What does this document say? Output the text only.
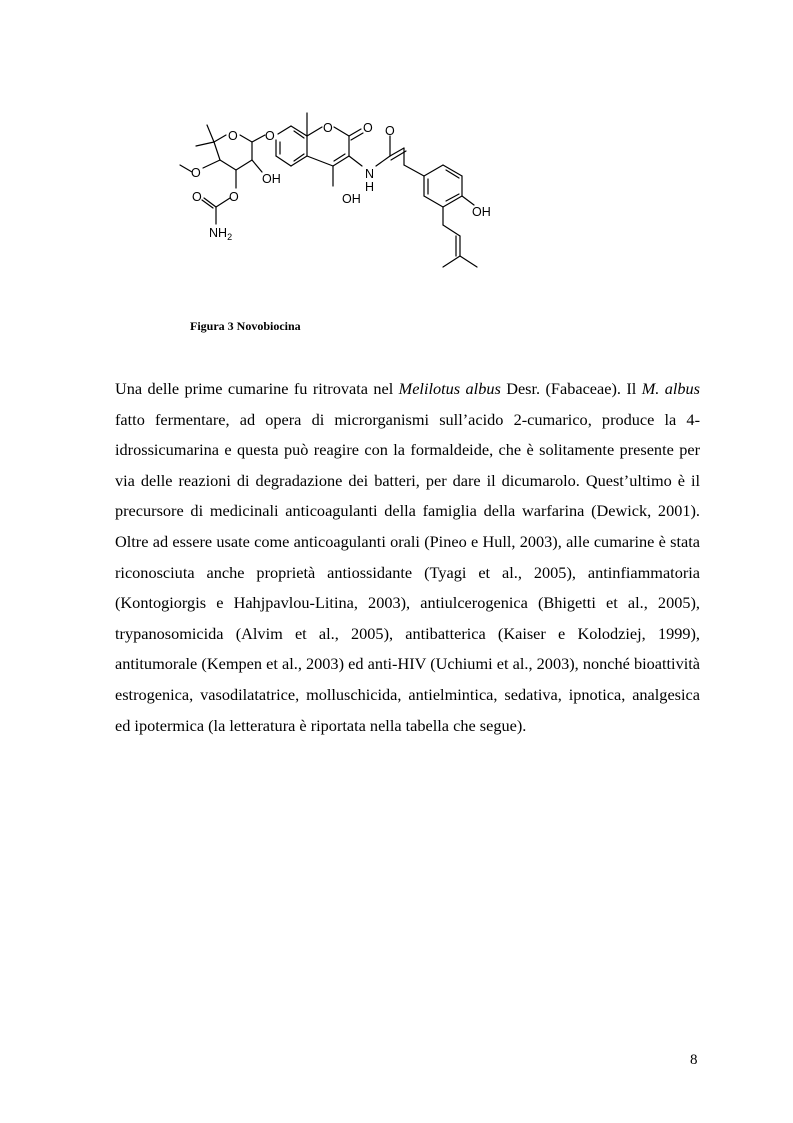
O O
O O
O	OH
O
O
$NH_2$
OH
N
H
O
OH
Figura 3 Novobiocina

Una delle prime cumarine fu ritrovata nel Melilotus albus Desr. (Fabaceae). Il M. albus fatto fermentare, ad opera di microrganismi sull’acido 2-cumarico, produce la 4-idrossicumarina e questa può reagire con la formaldeide, che è solitamente presente per via delle reazioni di degradazione dei batteri, per dare il dicumarolo. Quest’ultimo è il precursore di medicinali anticoagulanti della famiglia della warfarina (Dewick, 2001). Oltre ad essere usate come anticoagulanti orali (Pineo e Hull, 2003), alle cumarine è stata riconosciuta anche proprietà antiossidante (Tyagi et al., 2005), antinfiammatoria (Kontogiorgis e Hahjpavlou-Litina, 2003), antiulcerogenica (Bhigetti et al., 2005), trypanosomicida (Alvim et al., 2005), antibatterica (Kaiser e Kolodziej, 1999), antitumorale (Kempen et al., 2003) ed anti-HIV (Uchiumi et al., 2003), nonché bioattività estrogenica, vasodilatatrice, molluschicida, antielmintica, sedativa, ipnotica, analgesica ed ipotermica (la letteratura è riportata nella tabella che segue).

8
